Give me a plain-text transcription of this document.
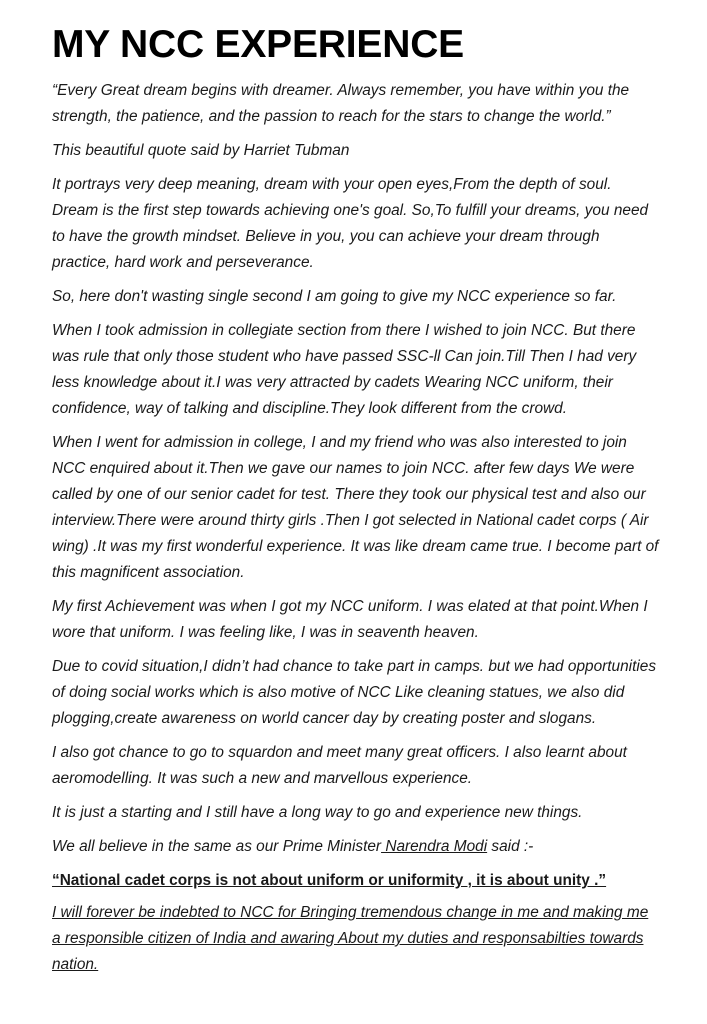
MY NCC EXPERIENCE

“Every Great dream begins with dreamer. Always remember, you have within you the strength, the patience, and the passion to reach for the stars to change the world.”

This beautiful quote said by Harriet Tubman

It portrays very deep meaning, dream with your open eyes,From the depth of soul. Dream is the first step towards achieving one's goal. So,To fulfill your dreams, you need to have the growth mindset. Believe in you, you can achieve your dream through practice, hard work and perseverance.

So, here don't wasting single second I am going to give my NCC experience so far.

When I took admission in collegiate section from there I wished to join NCC. But there was rule that only those student who have passed SSC-ll Can join.Till Then I had very less knowledge about it.I was very attracted by cadets Wearing NCC uniform, their confidence, way of talking and discipline.They look different from the crowd.

When I went for admission in college, I and my friend who was also interested to join NCC enquired about it.Then we gave our names to join NCC. after few days We were called by one of our senior cadet for test. There they took our physical test and also our interview.There were around thirty girls .Then I got selected in National cadet corps ( Air wing) .It was my first wonderful experience. It was like dream came true. I become part of this magnificent association.

My first Achievement was when I got my NCC uniform. I was elated at that point.When I wore that uniform. I was feeling like, I was in seaventh heaven.

Due to covid situation,I didn’t had chance to take part in camps. but we had opportunities of doing social works which is also motive of NCC Like cleaning statues, we also did plogging,create awareness on world cancer day by creating poster and slogans.

I also got chance to go to squardon and meet many great officers. I also learnt about aeromodelling. It was such a new and marvellous experience.

It is just a starting and I still have a long way to go and experience new things.

We all believe in the same as our Prime Minister Narendra Modi said :-

“National cadet corps is not about uniform or uniformity , it is about unity .”

I will forever be indebted to NCC for Bringing tremendous change in me and making me a responsible citizen of India and awaring About my duties and responsabilties towards nation.
